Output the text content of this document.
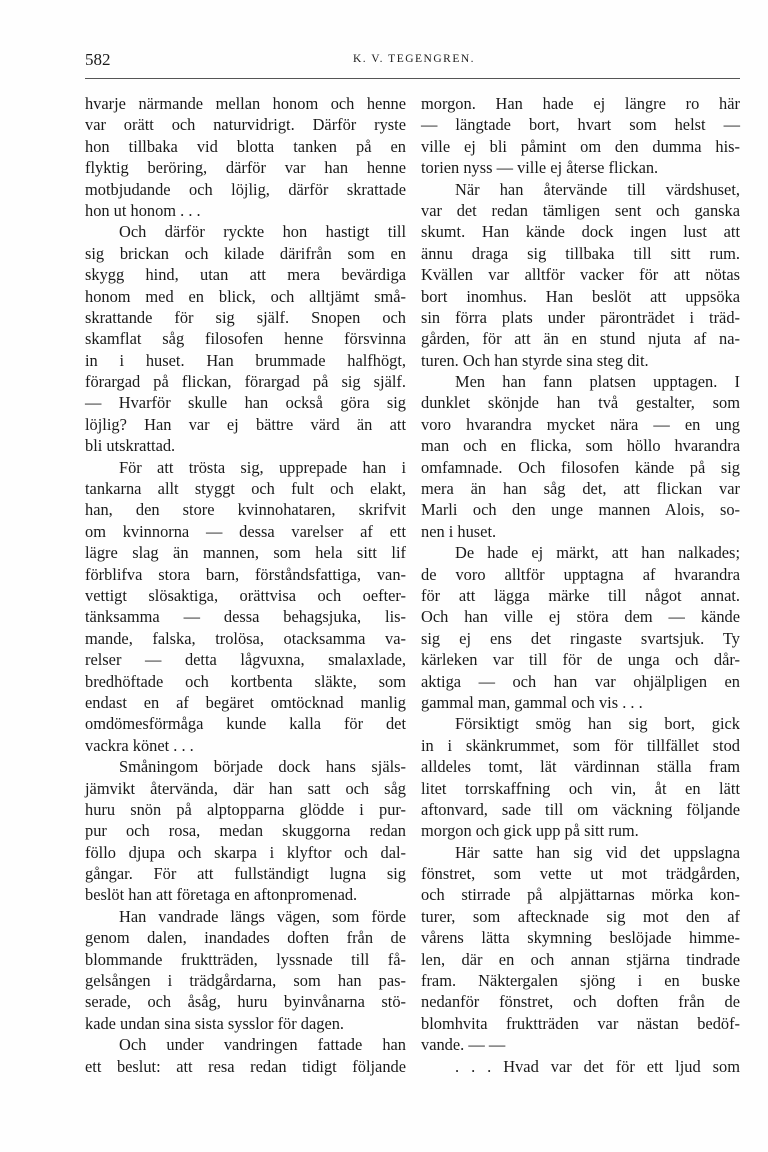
582	K. V. TEGENGREN.
hvarje närmande mellan honom och henne
var orätt och naturvidrigt. Därför ryste
hon tillbaka vid blotta tanken på en
flyktig beröring, därför var han henne
motbjudande och löjlig, därför skrattade
hon ut honom . . .
Och därför ryckte hon hastigt till
sig brickan och kilade därifrån som en
skygg hind, utan att mera bevärdiga
honom med en blick, och alltjämt små-
skrattande för sig själf. Snopen och
skamflat såg filosofen henne försvinna
in i huset. Han brummade halfhögt,
förargad på flickan, förargad på sig själf.
— Hvarför skulle han också göra sig
löjlig? Han var ej bättre värd än att
bli utskrattad.
För att trösta sig, upprepade han i
tankarna allt styggt och fult och elakt,
han, den store kvinnohataren, skrifvit
om kvinnorna — dessa varelser af ett
lägre slag än mannen, som hela sitt lif
förblifva stora barn, förståndsfattiga, van-
vettigt slösaktiga, orättvisa och oefter-
tänksamma — dessa behagsjuka, lis-
mande, falska, trolösa, otacksamma va-
relser — detta lågvuxna, smalaxlade,
bredhöftade och kortbenta släkte, som
endast en af begäret omtöcknad manlig
omdömesförmåga kunde kalla för det
vackra könet . . .
Småningom började dock hans själs-
jämvikt återvända, där han satt och såg
huru snön på alptopparna glödde i pur-
pur och rosa, medan skuggorna redan
föllo djupa och skarpa i klyftor och dal-
gångar. För att fullständigt lugna sig
beslöt han att företaga en aftonpromenad.
Han vandrade längs vägen, som förde
genom dalen, inandades doften från de
blommande fruktträden, lyssnade till få-
gelsången i trädgårdarna, som han pas-
serade, och åsåg, huru byinvånarna stö-
kade undan sina sista sysslor för dagen.
Och under vandringen fattade han
ett beslut: att resa redan tidigt följande
morgon. Han hade ej längre ro här
— längtade bort, hvart som helst —
ville ej bli påmint om den dumma his-
torien nyss — ville ej återse flickan.
När han återvände till värdshuset,
var det redan tämligen sent och ganska
skumt. Han kände dock ingen lust att
ännu draga sig tillbaka till sitt rum.
Kvällen var alltför vacker för att nötas
bort inomhus. Han beslöt att uppsöka
sin förra plats under päronträdet i träd-
gården, för att än en stund njuta af na-
turen. Och han styrde sina steg dit.
Men han fann platsen upptagen. I
dunklet skönjde han två gestalter, som
voro hvarandra mycket nära — en ung
man och en flicka, som höllo hvarandra
omfamnade. Och filosofen kände på sig
mera än han såg det, att flickan var
Marli och den unge mannen Alois, so-
nen i huset.
De hade ej märkt, att han nalkades;
de voro alltför upptagna af hvarandra
för att lägga märke till något annat.
Och han ville ej störa dem — kände
sig ej ens det ringaste svartsjuk. Ty
kärleken var till för de unga och dår-
aktiga — och han var ohjälpligen en
gammal man, gammal och vis . . .
Försiktigt smög han sig bort, gick
in i skänkrummet, som för tillfället stod
alldeles tomt, lät värdinnan ställa fram
litet torrskaffning och vin, åt en lätt
aftonvard, sade till om väckning följande
morgon och gick upp på sitt rum.
Här satte han sig vid det uppslagna
fönstret, som vette ut mot trädgården,
och stirrade på alpjättarnas mörka kon-
turer, som aftecknade sig mot den af
vårens lätta skymning beslöjade himme-
len, där en och annan stjärna tindrade
fram. Näktergalen sjöng i en buske
nedanför fönstret, och doften från de
blomhvita fruktträden var nästan bedöf-
vande. — —
. . . Hvad var det för ett ljud som
